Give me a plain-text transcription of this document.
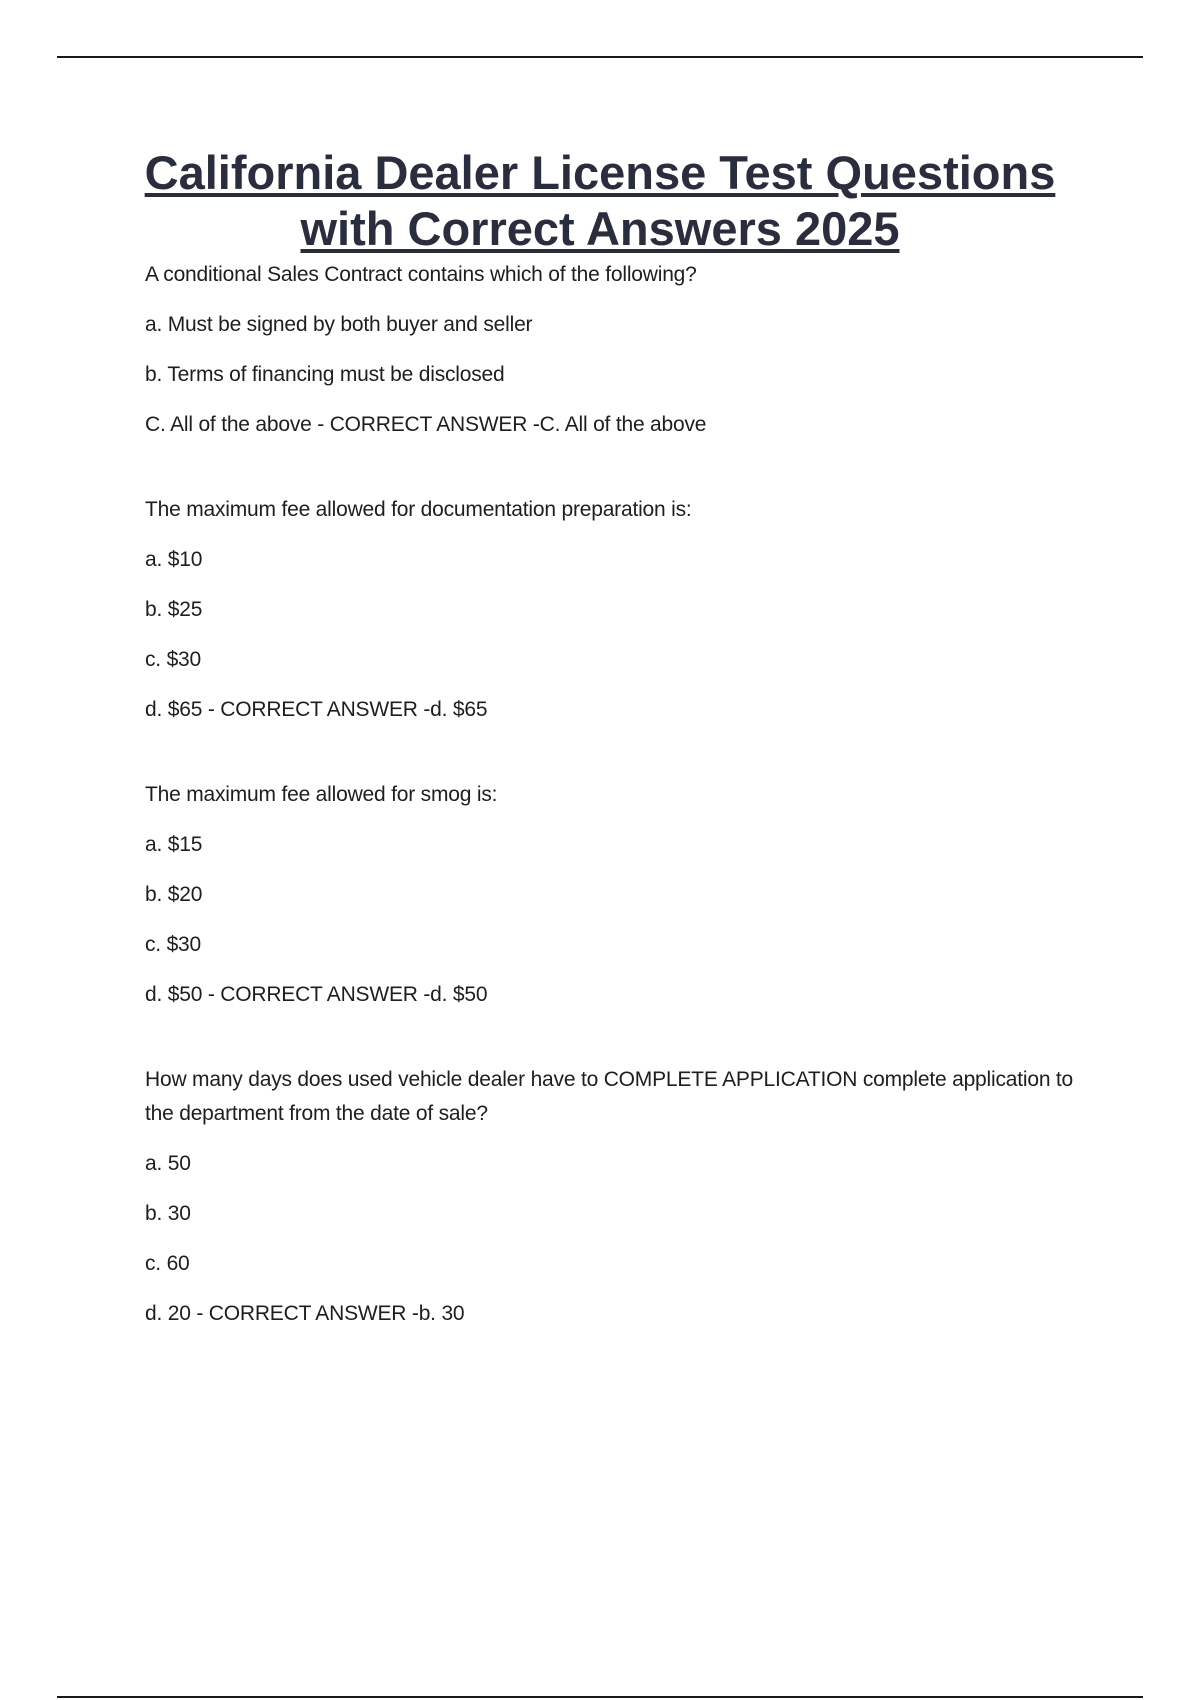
California Dealer License Test Questions
with Correct Answers 2025

A conditional Sales Contract contains which of the following?

a. Must be signed by both buyer and seller

b. Terms of financing must be disclosed

C. All of the above - CORRECT ANSWER -C. All of the above

The maximum fee allowed for documentation preparation is:

a. $10

b. $25

c. $30

d. $65 - CORRECT ANSWER -d. $65

The maximum fee allowed for smog is:

a. $15

b. $20

c. $30

d. $50 - CORRECT ANSWER -d. $50

How many days does used vehicle dealer have to COMPLETE APPLICATION complete application to the department from the date of sale?

a. 50

b. 30

c. 60

d. 20 - CORRECT ANSWER -b. 30
